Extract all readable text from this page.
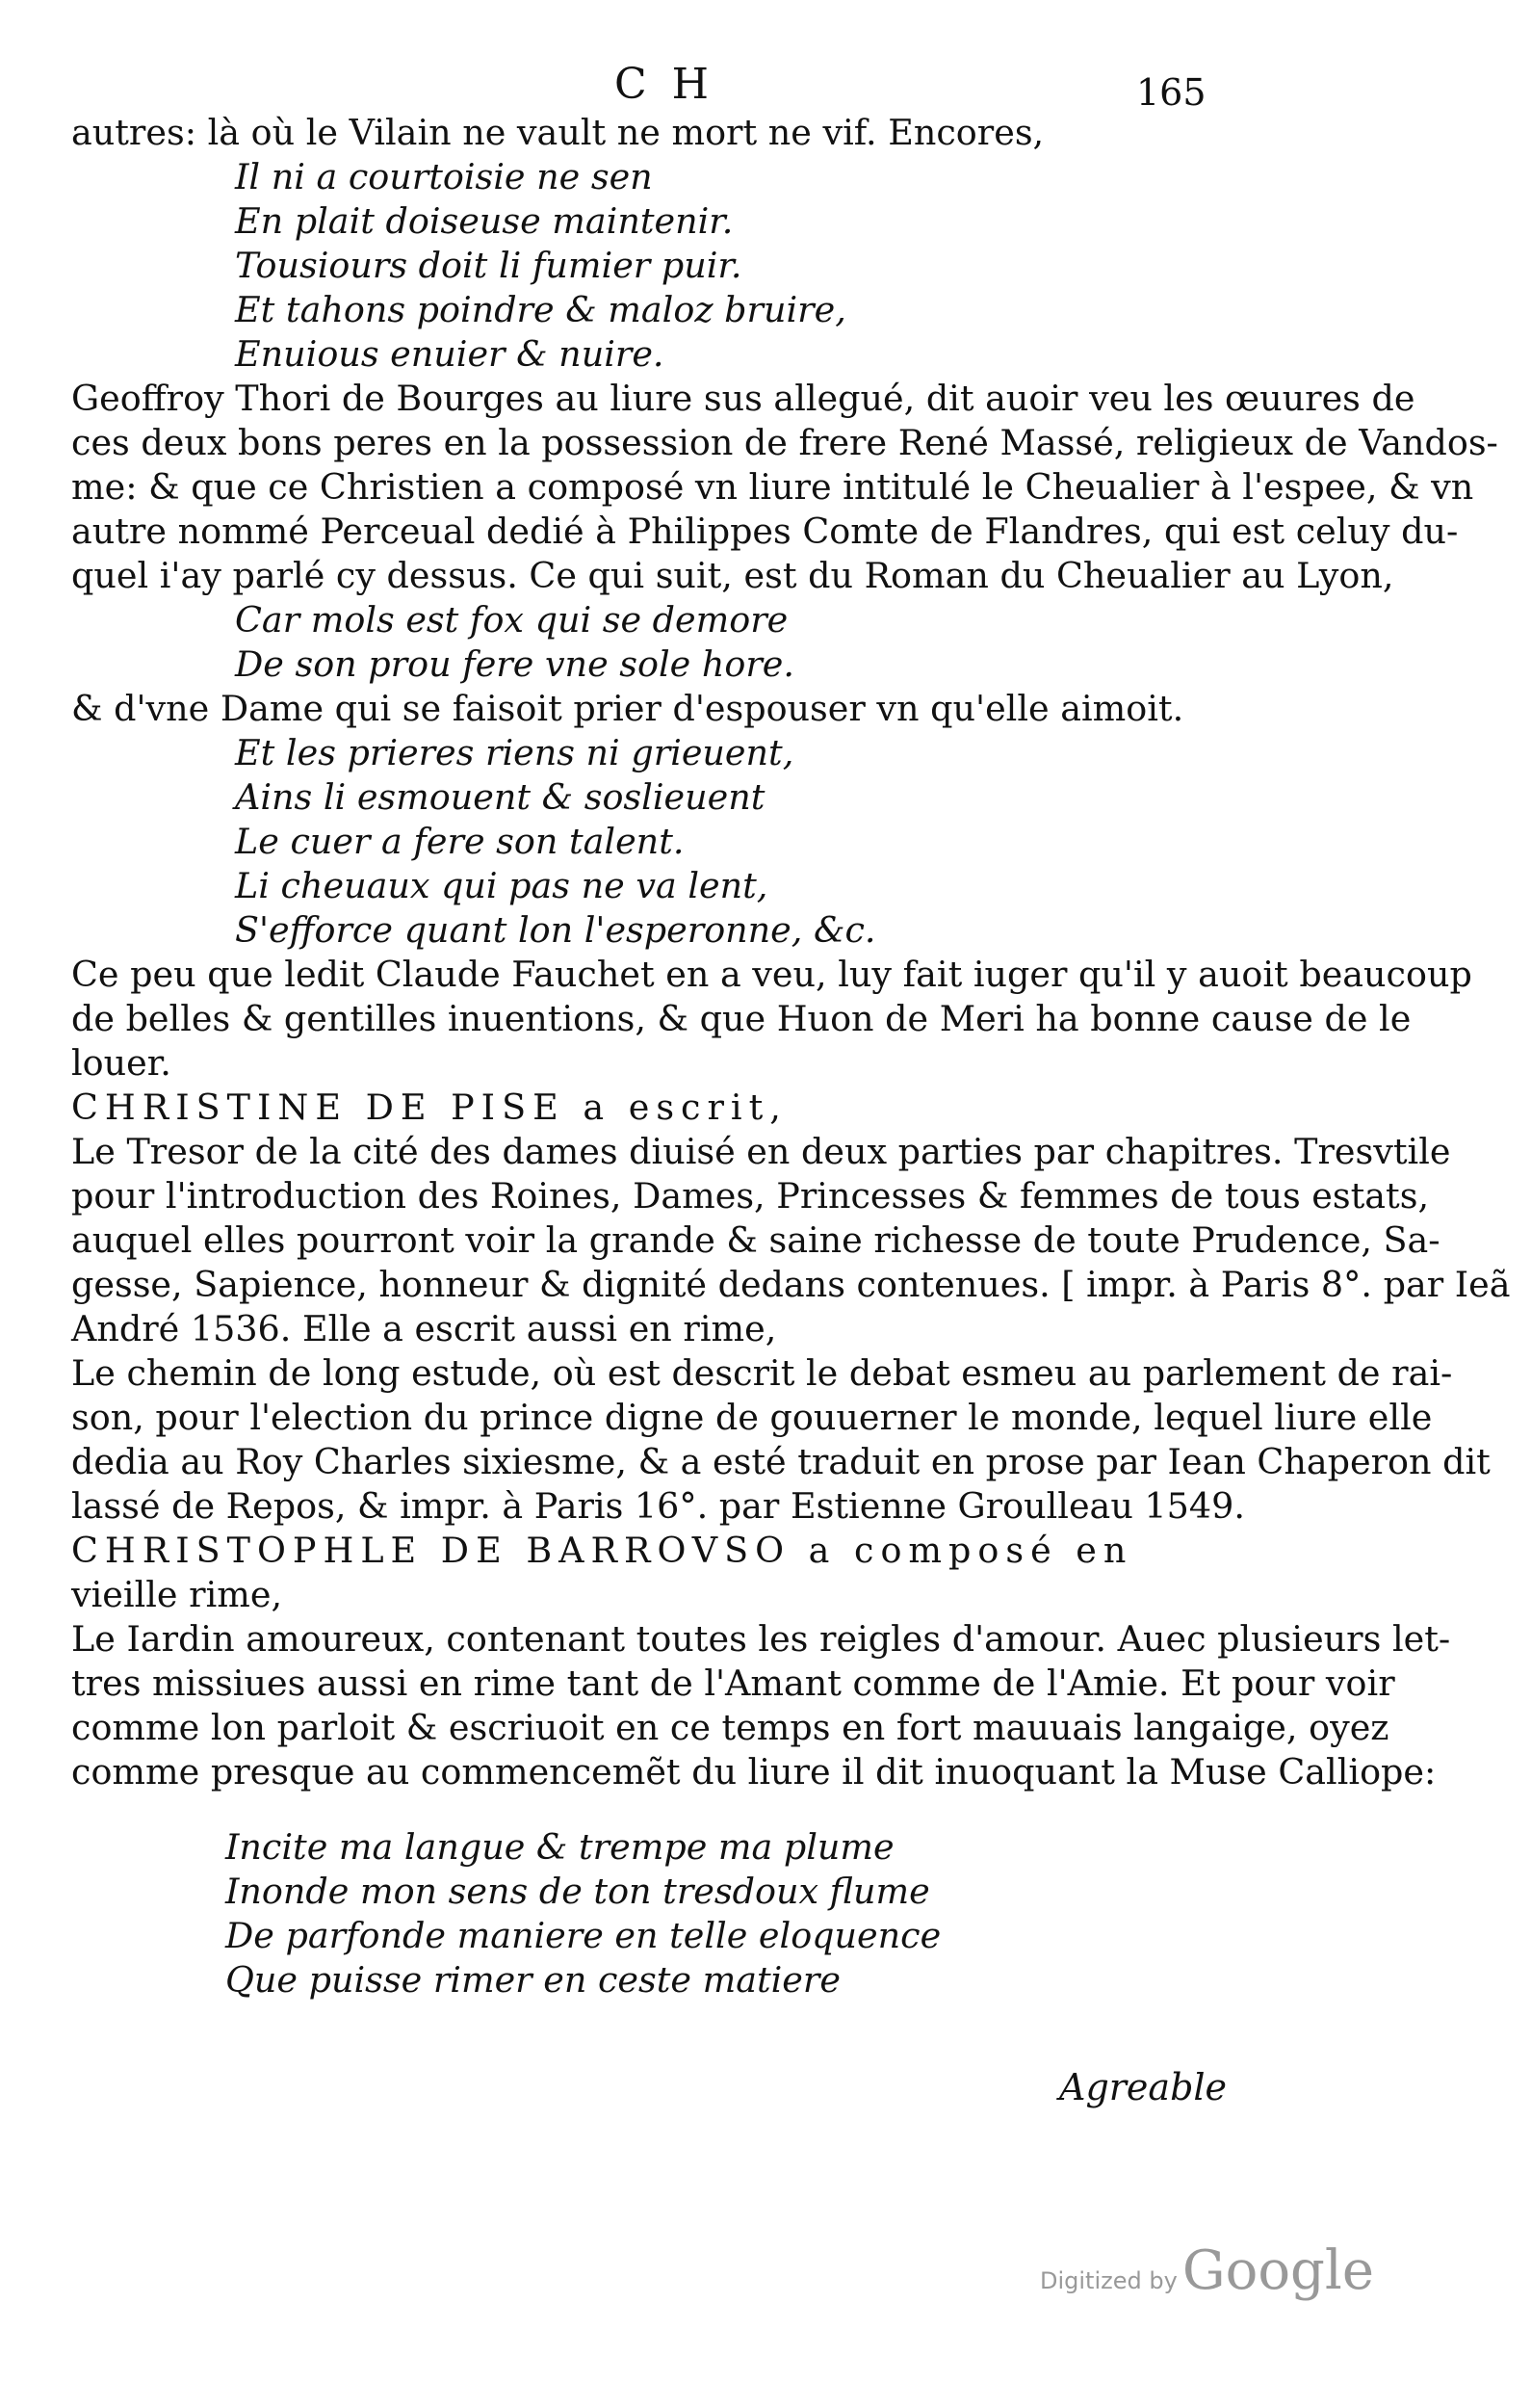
C H	165
autres: là où le Vilain ne vault ne mort ne vif. Encores,
Il ni a courtoisie ne sen
En plait doiseuse maintenir.
Tousiours doit li fumier puir.
Et tahons poindre & maloz bruire,
Enuious enuier & nuire.
Geoffroy Thori de Bourges au liure sus allegué, dit auoir veu les œuures de
ces deux bons peres en la possession de frere René Massé, religieux de Vandos-
me: & que ce Christien a composé vn liure intitulé le Cheualier à l'espee, & vn
autre nommé Perceual dedié à Philippes Comte de Flandres, qui est celuy du-
quel i'ay parlé cy dessus. Ce qui suit, est du Roman du Cheualier au Lyon,
Car mols est fox qui se demore
De son prou fere vne sole hore.
& d'vne Dame qui se faisoit prier d'espouser vn qu'elle aimoit.
Et les prieres riens ni grieuent,
Ains li esmouent & soslieuent
Le cuer a fere son talent.
Li cheuaux qui pas ne va lent,
S'efforce quant lon l'esperonne, &c.
Ce peu que ledit Claude Fauchet en a veu, luy fait iuger qu'il y auoit beaucoup
de belles & gentilles inuentions, & que Huon de Meri ha bonne cause de le
louer.
CHRISTINE DE PISE a escrit,
Le Tresor de la cité des dames diuisé en deux parties par chapitres. Tresvtile
pour l'introduction des Roines, Dames, Princesses & femmes de tous estats,
auquel elles pourront voir la grande & saine richesse de toute Prudence, Sa-
gesse, Sapience, honneur & dignité dedans contenues. [ impr. à Paris 8°. par Ieã
André 1536. Elle a escrit aussi en rime,
Le chemin de long estude, où est descrit le debat esmeu au parlement de rai-
son, pour l'election du prince digne de gouuerner le monde, lequel liure elle
dedia au Roy Charles sixiesme, & a esté traduit en prose par Iean Chaperon dit
lassé de Repos, & impr. à Paris 16°. par Estienne Groulleau 1549.
CHRISTOPHLE DE BARROVSO a composé en
vieille rime,
Le Iardin amoureux, contenant toutes les reigles d'amour. Auec plusieurs let-
tres missiues aussi en rime tant de l'Amant comme de l'Amie. Et pour voir
comme lon parloit & escriuoit en ce temps en fort mauuais langaige, oyez
comme presque au commencemẽt du liure il dit inuoquant la Muse Calliope:
Incite ma langue & trempe ma plume
Inonde mon sens de ton tresdoux flume
De parfonde maniere en telle eloquence
Que puisse rimer en ceste matiere
Agreable
Digitized by Google
